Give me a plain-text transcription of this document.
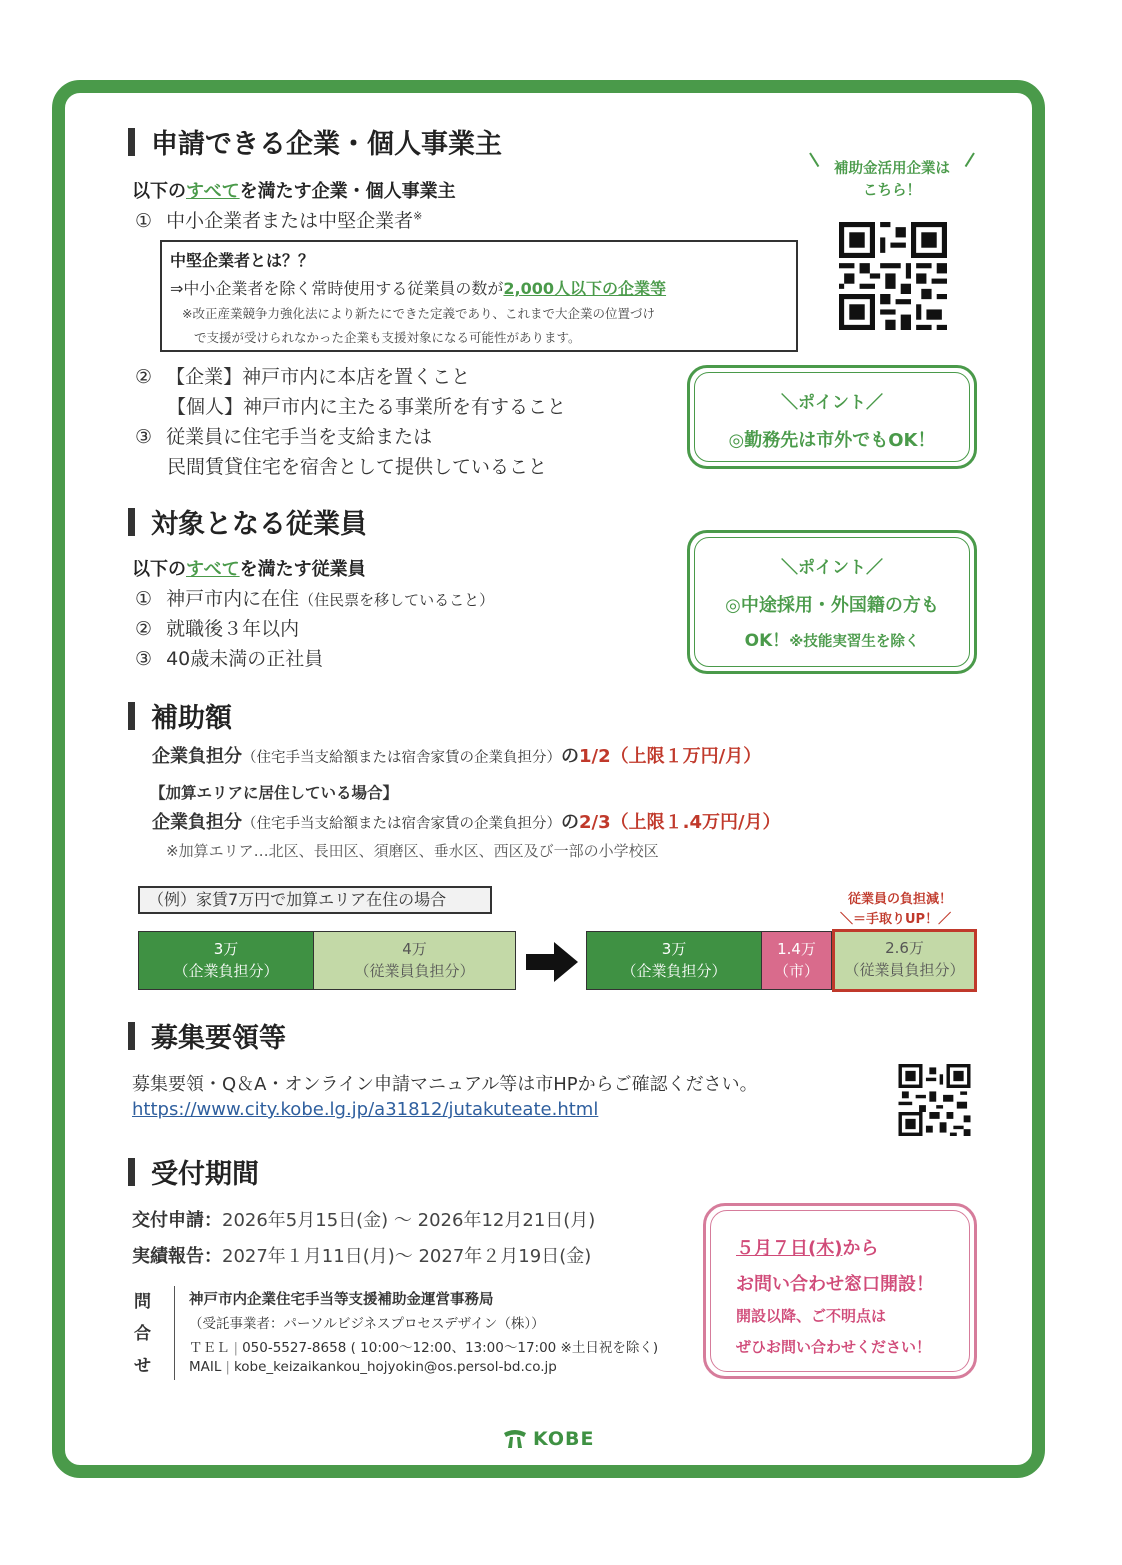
申請できる企業・個人事業主
以下のすべてを満たす企業・個人事業主
① 中小企業者または中堅企業者※
中堅企業者とは？？
⇒中小企業者を除く常時使用する従業員の数が2,000人以下の企業等
※改正産業競争力強化法により新たにできた定義であり、これまで大企業の位置づけ
で支援が受けられなかった企業も支援対象になる可能性があります。
② 【企業】神戸市内に本店を置くこと
【個人】神戸市内に主たる事業所を有すること
③ 従業員に住宅手当を支給または
民間賃貸住宅を宿舎として提供していること
補助金活用企業は
こちら！
＼ポイント／
◎勤務先は市外でもOK！
対象となる従業員
以下のすべてを満たす従業員
① 神戸市内に在住（住民票を移していること）
② 就職後３年以内
③ 40歳未満の正社員
＼ポイント／
◎中途採用・外国籍の方も
OK！※技能実習生を除く
補助額
企業負担分（住宅手当支給額または宿舎家賃の企業負担分）の1/2（上限１万円/月）
【加算エリアに居住している場合】
企業負担分（住宅手当支給額または宿舎家賃の企業負担分）の2/3（上限１.4万円/月）
※加算エリア…北区、長田区、須磨区、垂水区、西区及び一部の小学校区
（例）家賃7万円で加算エリア在住の場合	従業員の負担減！
＼＝手取りUP！／
3万
（企業負担分）
4万
（従業員負担分）
3万
（企業負担分）
1.4万
（市）
2.6万
（従業員負担分）
募集要領等
募集要領・Q＆A・オンライン申請マニュアル等は市HPからご確認ください。
https://www.city.kobe.lg.jp/a31812/jutakuteate.html
受付期間
交付申請：2026年5月15日(金) 〜 2026年12月21日(月)
実績報告：2027年１月11日(月)〜 2027年２月19日(金)
問
合
せ
神戸市内企業住宅手当等支援補助金運営事務局
（受託事業者：パーソルビジネスプロセスデザイン（株））
ＴＥＬ | 050-5527-8658 ( 10:00〜12:00、13:00〜17:00 ※土日祝を除く)
MAIL | kobe_keizaikankou_hojyokin@os.persol-bd.co.jp
５月７日(木)から
お問い合わせ窓口開設！
開設以降、ご不明点は
ぜひお問い合わせください！
KOBE
